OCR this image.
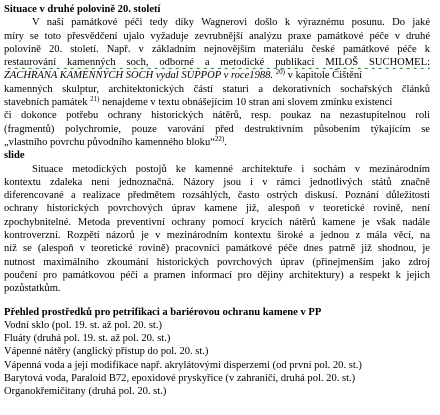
Situace v druhé polovině 20. století
V naší památkové péči tedy díky Wagnerovi došlo k výraznému posunu. Do jaké
míry se toto přesvědčení ujalo vyžaduje zevrubnější analýzu praxe památkové péče v druhé
polovině 20. století. Např. v základním nejnovějším materiálu české památkové péče k
restaurování kamenných soch, odborné a metodické publikaci MILOŠ SUCHOMEL:
ZACHRANA KAMENNYCH SOCH vydal SUPPOP v roce1988. $^{20)}$ v kapitole Čištění
kamenných skulptur, architektonických částí staturi a dekorativních sochařských článků
stavebních památek $^{21)}$ nenajdeme v textu obnášejícím 10 stran ani slovem zmínku existenci
či dokonce potřebu ochrany historických nátěrů, resp. poukaz na nezastupitelnou roli
(fragmentů) polychromie, pouze varování před destruktivním působením týkajícím se
„vlastního povrchu původního kamenného bloku“$^{22)}$.
slide
Situace metodických postojů ke kamenné architektuře i sochám v mezinárodním
kontextu zdaleka není jednoznačná. Názory jsou i v rámci jednotlivých států značně
diferencované a realizace předmětem rozsáhlých, často ostrých diskusí. Poznání důležitosti
ochrany historických povrchových úprav kamene již, alespoň v teoretické rovině, není
zpochybnitelné. Metoda preventivní ochrany pomocí krycích nátěrů kamene je však nadále
kontroverzní. Rozpětí názorů je v mezinárodním kontextu široké a jednou z mála věcí, na
níž se (alespoň v teoretické rovině) pracovníci památkové péče dnes patrně již shodnou, je
nutnost maximálního zkoumání historických povrchových úprav (přinejmenším jako zdroj
poučení pro památkovou péči a pramen informací pro dějiny architektury) a respekt k jejich
pozůstatkům.
Přehled prostředků pro petrifikaci a bariérovou ochranu kamene v PP
Vodní sklo (pol. 19. st. až pol. 20. st.)
Fluáty (druhá pol. 19. st. až pol. 20. st.)
Vápenné nátěry (anglický přístup do pol. 20. st.)
Vápenná voda a její modifikace např. akrylátovými disperzemi (od první pol. 20. st.)
Barytová voda, Paraloid B72, epoxidové pryskyřice (v zahraničí, druhá pol. 20. st.)
Organokřemičitany (druhá pol. 20. st.)
